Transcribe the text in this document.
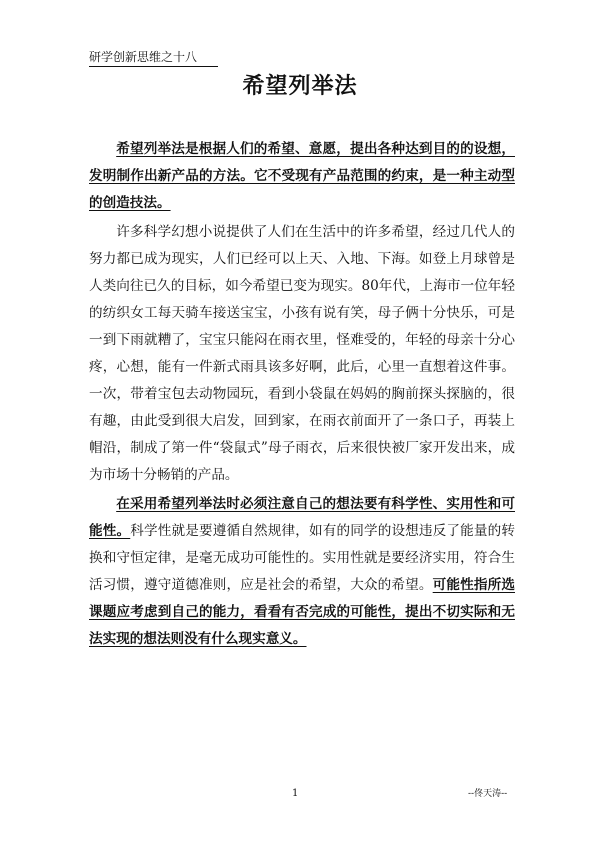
研学创新思维之十八
希望列举法

希望列举法是根据人们的希望、意愿，提出各种达到目的的设想，发明制作出新产品的方法。它不受现有产品范围的约束，是一种主动型的创造技法。

许多科学幻想小说提供了人们在生活中的许多希望，经过几代人的努力都已成为现实，人们已经可以上天、入地、下海。如登上月球曾是人类向往已久的目标，如今希望已变为现实。80年代，上海市一位年轻的纺织女工每天骑车接送宝宝，小孩有说有笑，母子俩十分快乐，可是一到下雨就糟了，宝宝只能闷在雨衣里，怪难受的，年轻的母亲十分心疼，心想，能有一件新式雨具该多好啊，此后，心里一直想着这件事。一次，带着宝包去动物园玩，看到小袋鼠在妈妈的胸前探头探脑的，很有趣，由此受到很大启发，回到家，在雨衣前面开了一条口子，再装上帽沿，制成了第一件“袋鼠式”母子雨衣，后来很快被厂家开发出来，成为市场十分畅销的产品。

在采用希望列举法时必须注意自己的想法要有科学性、实用性和可能性。科学性就是要遵循自然规律，如有的同学的设想违反了能量的转换和守恒定律，是毫无成功可能性的。实用性就是要经济实用，符合生活习惯，遵守道德准则，应是社会的希望，大众的希望。可能性指所选课题应考虑到自己的能力，看看有否完成的可能性，提出不切实际和无法实现的想法则没有什么现实意义。

1	--佟天涛--
